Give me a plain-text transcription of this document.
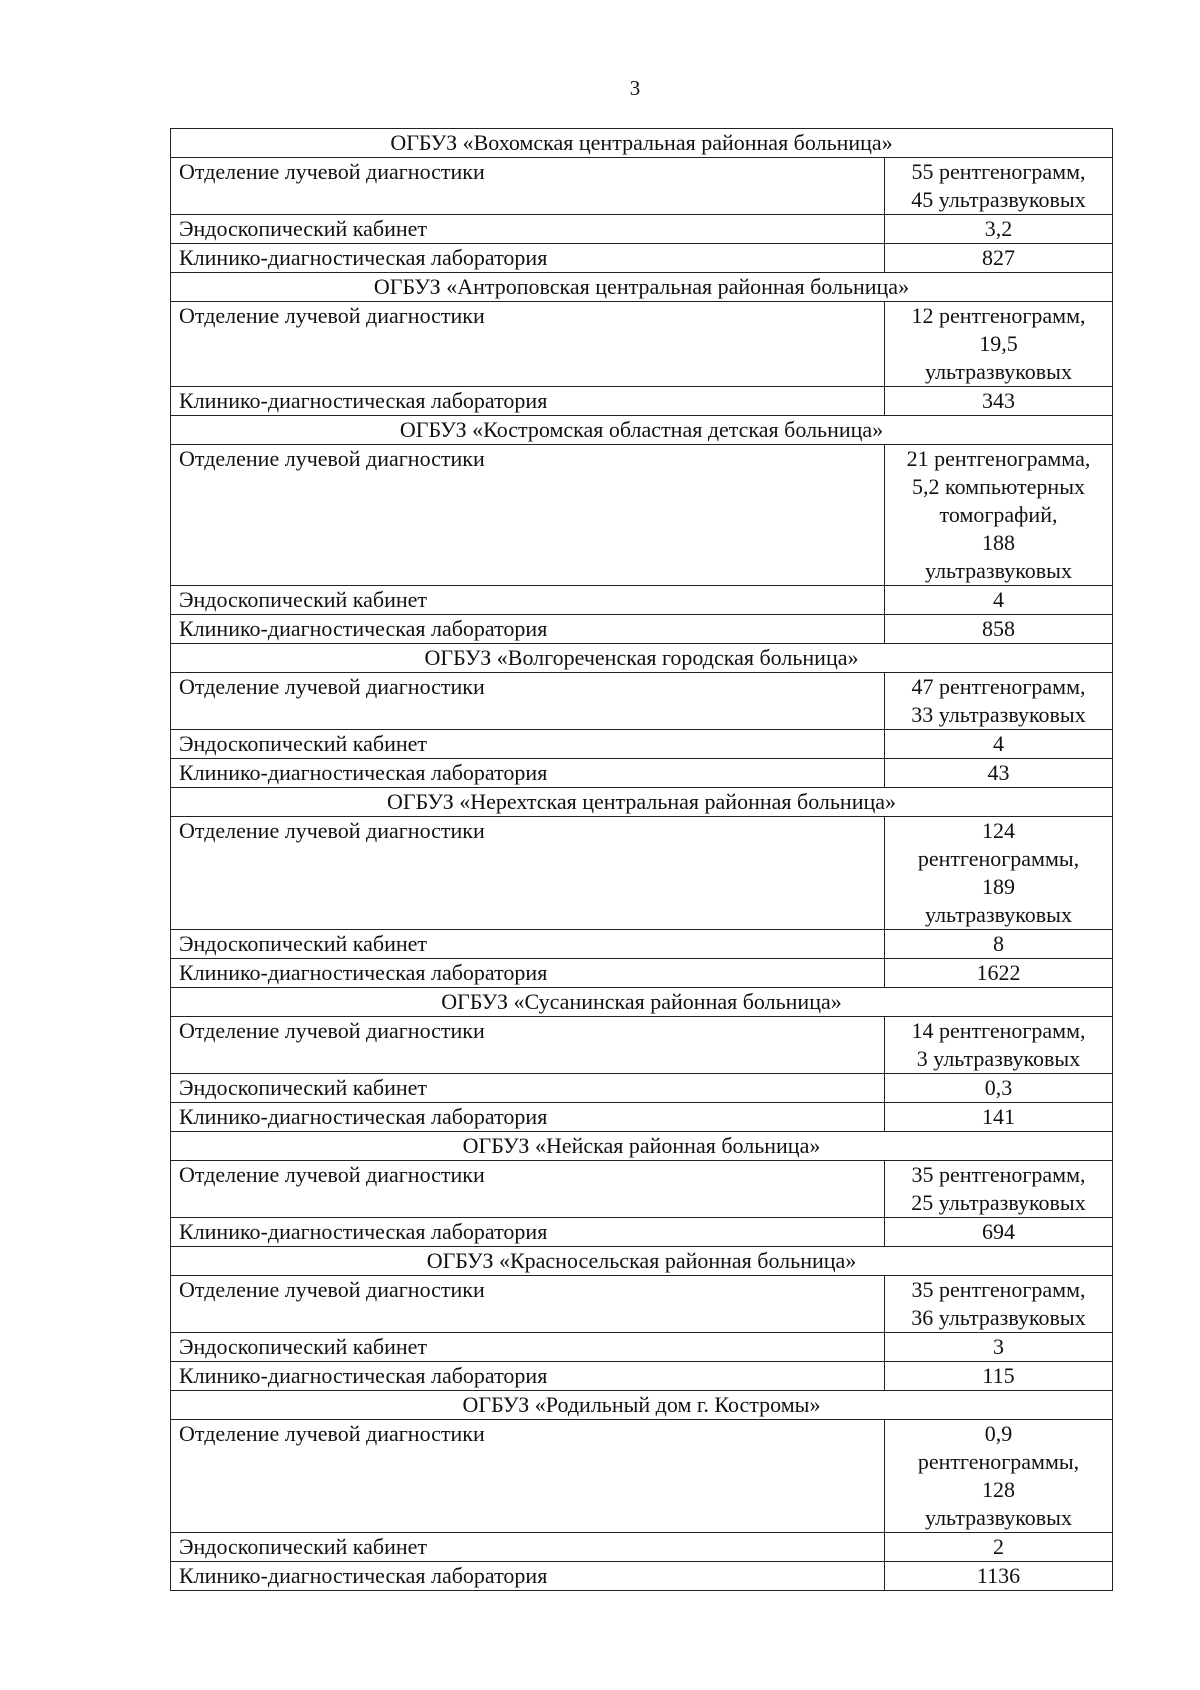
3
ОГБУЗ «Вохомская центральная районная больница»	
Отделение лучевой диагностики	55 рентгенограмм,
45 ультразвуковых

Эндоскопический кабинет	3,2

Клинико-диагностическая лаборатория	827

ОГБУЗ «Антроповская центральная районная больница»	
Отделение лучевой диагностики	12 рентгенограмм,
19,5
ультразвуковых

Клинико-диагностическая лаборатория	343

ОГБУЗ «Костромская областная детская больница»	
Отделение лучевой диагностики	21 рентгенограмма,
5,2 компьютерных
томографий,
188
ультразвуковых

Эндоскопический кабинет	4

Клинико-диагностическая лаборатория	858

ОГБУЗ «Волгореченская городская больница»	
Отделение лучевой диагностики	47 рентгенограмм,
33 ультразвуковых

Эндоскопический кабинет	4

Клинико-диагностическая лаборатория	43

ОГБУЗ «Нерехтская центральная районная больница»	
Отделение лучевой диагностики	124
рентгенограммы,
189
ультразвуковых

Эндоскопический кабинет	8

Клинико-диагностическая лаборатория	1622

ОГБУЗ «Сусанинская районная больница»	
Отделение лучевой диагностики	14 рентгенограмм,
3 ультразвуковых

Эндоскопический кабинет	0,3

Клинико-диагностическая лаборатория	141

ОГБУЗ «Нейская районная больница»	
Отделение лучевой диагностики	35 рентгенограмм,
25 ультразвуковых

Клинико-диагностическая лаборатория	694

ОГБУЗ «Красносельская районная больница»	
Отделение лучевой диагностики	35 рентгенограмм,
36 ультразвуковых

Эндоскопический кабинет	3

Клинико-диагностическая лаборатория	115

ОГБУЗ «Родильный дом г. Костромы»	
Отделение лучевой диагностики	0,9
рентгенограммы,
128
ультразвуковых

Эндоскопический кабинет	2

Клинико-диагностическая лаборатория	1136
